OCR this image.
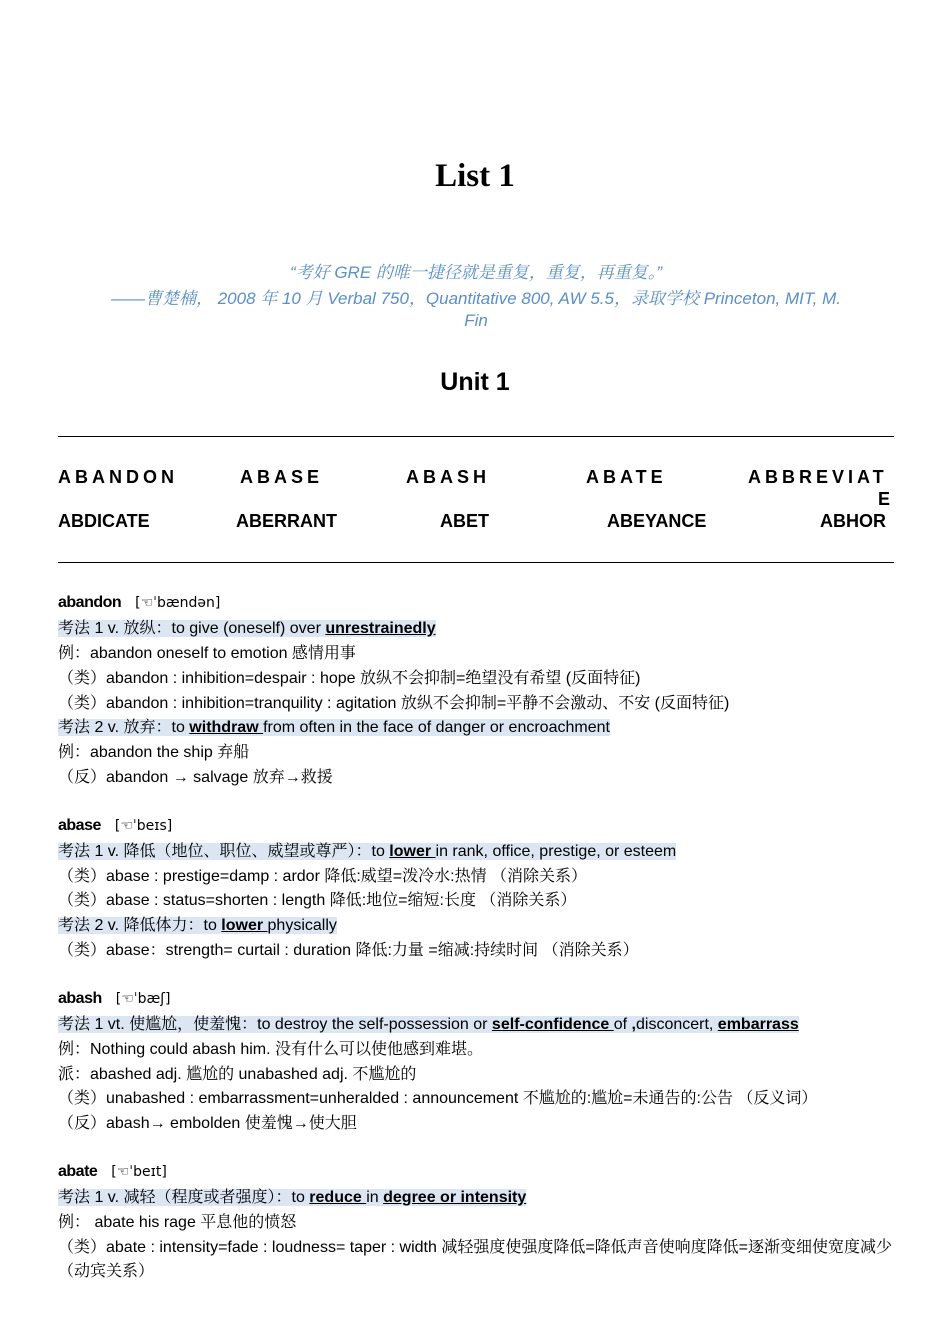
List 1
“考好 GRE 的唯一捷径就是重复，重复，再重复。”
——曹楚楠， 2008 年 10 月 Verbal 750，Quantitative 800, AW 5.5，录取学校 Princeton, MIT, M.
Fin
Unit 1
ABANDON	ABASE	ABASH	ABATE	ABBREVIAT
E
ABDICATE	ABERRANT	ABET	ABEYANCE	ABHOR
abandon [☜ˈbændən]
考法 1 v. 放纵：to give (oneself) over unrestrainedly
例：abandon oneself to emotion 感情用事
（类）abandon : inhibition=despair : hope 放纵不会抑制=绝望没有希望 (反面特征)
（类）abandon : inhibition=tranquility : agitation 放纵不会抑制=平静不会激动、不安 (反面特征)
考法 2 v. 放弃：to withdraw from often in the face of danger or encroachment
例：abandon the ship 弃船
（反）abandon → salvage 放弃→救援
abase [☜ˈbeɪs]
考法 1 v. 降低（地位、职位、威望或尊严）：to lower in rank, office, prestige, or esteem
（类）abase : prestige=damp : ardor 降低:威望=泼冷水:热情 （消除关系）
（类）abase : status=shorten : length 降低:地位=缩短:长度 （消除关系）
考法 2 v. 降低体力：to lower physically
（类）abase：strength= curtail : duration 降低:力量 =缩减:持续时间 （消除关系）
abash [☜ˈbæʃ]
考法 1 vt. 使尴尬，使羞愧：to destroy the self-possession or self-confidence of ,disconcert, embarrass
例：Nothing could abash him. 没有什么可以使他感到难堪。
派：abashed adj. 尴尬的 unabashed adj. 不尴尬的
（类）unabashed : embarrassment=unheralded : announcement 不尴尬的:尴尬=未通告的:公告 （反义词）
（反）abash→ embolden 使羞愧→使大胆
abate [☜ˈbeɪt]
考法 1 v. 减轻（程度或者强度）：to reduce in degree or intensity
例： abate his rage 平息他的愤怒
（类）abate : intensity=fade : loudness= taper : width 减轻强度使强度降低=降低声音使响度降低=逐渐变细使宽度减少（动宾关系）
